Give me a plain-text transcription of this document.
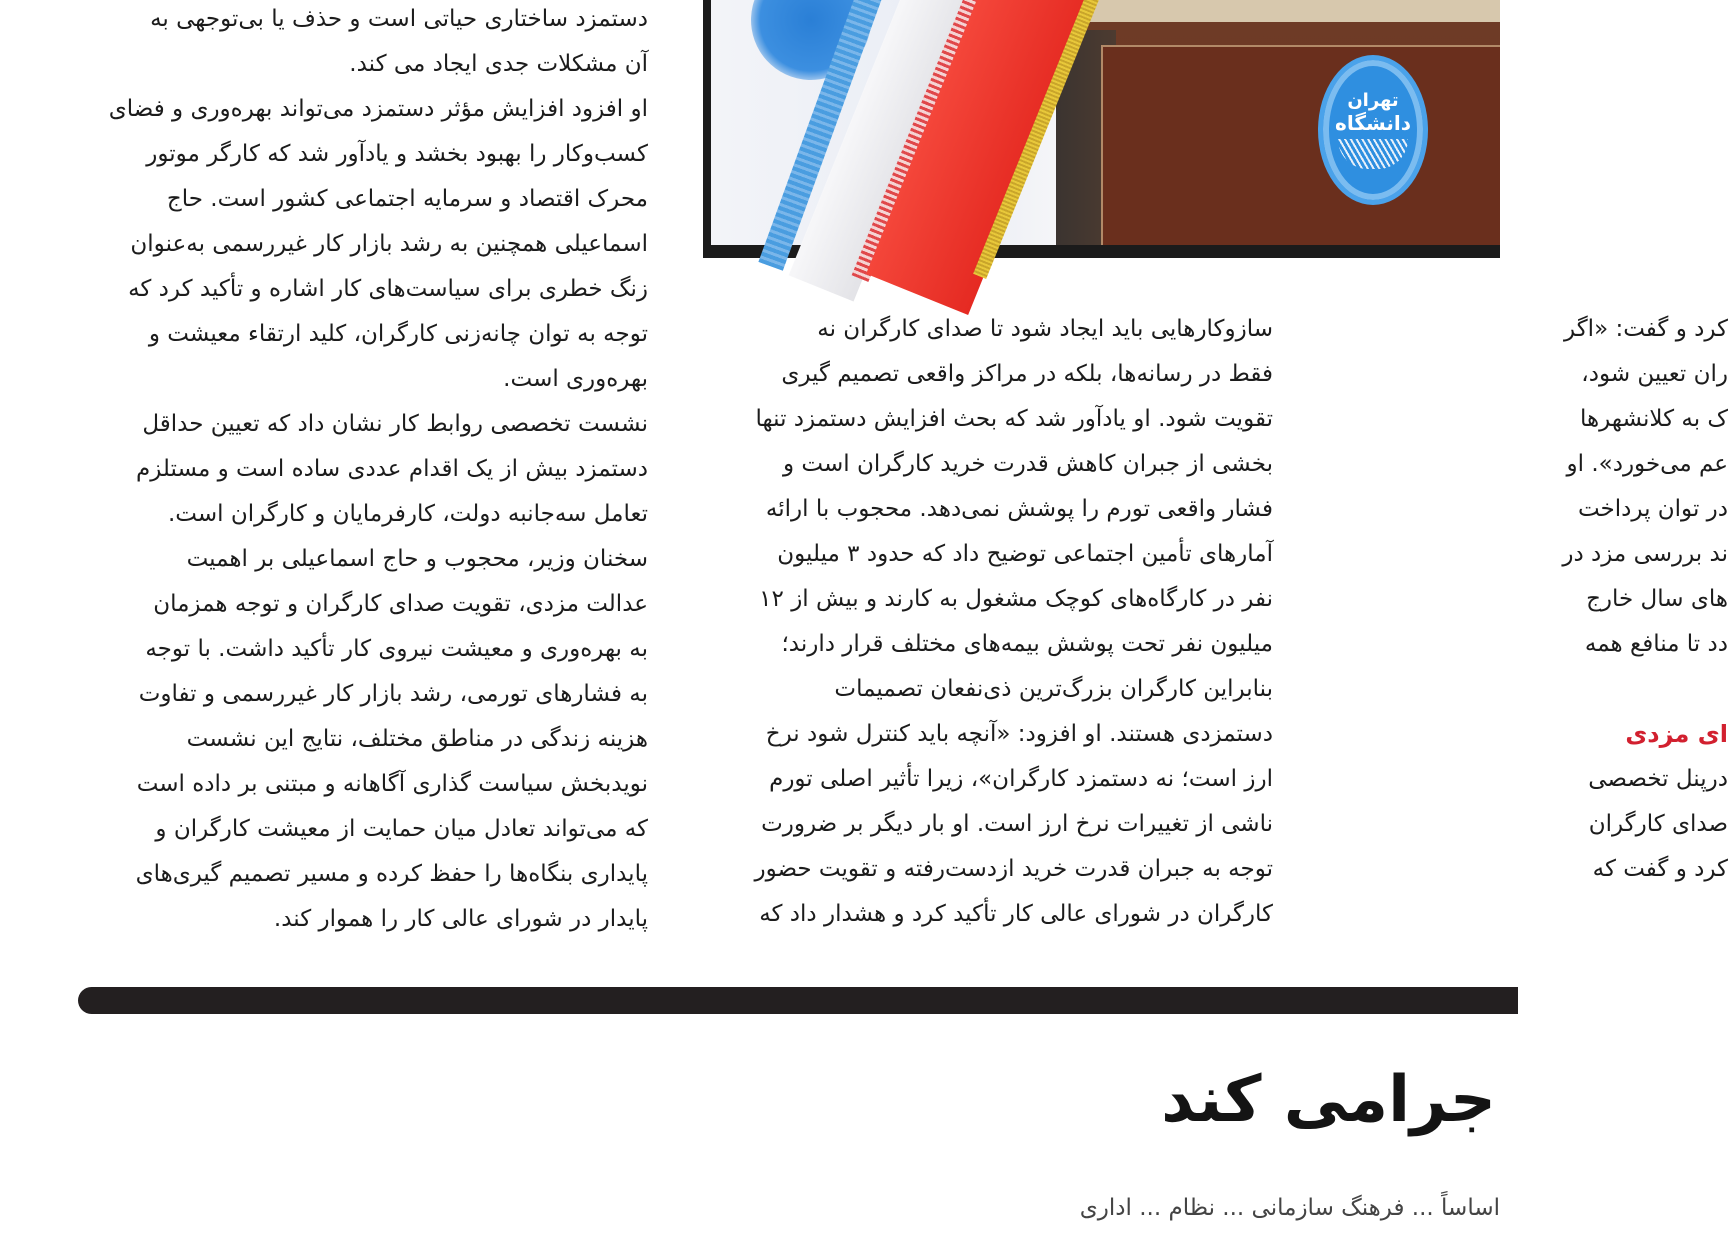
تهران
دانشگاه
دستمزد ساختاری حیاتی است و حذف یا بی‌توجهی به
آن مشکلات جدی ایجاد می کند.
او افزود افزایش مؤثر دستمزد می‌تواند بهره‌وری و فضای
کسب‌وکار را بهبود بخشد و یادآور شد که کارگر موتور
محرک اقتصاد و سرمایه اجتماعی کشور است. حاج
اسماعیلی همچنین به رشد بازار کار غیررسمی به‌عنوان
زنگ خطری برای سیاست‌های کار اشاره و تأکید کرد که
توجه به توان چانه‌زنی کارگران، کلید ارتقاء معیشت و
بهره‌وری است.
نشست تخصصی روابط کار نشان داد که تعیین حداقل
دستمزد بیش از یک اقدام عددی ساده است و مستلزم
تعامل سه‌جانبه دولت، کارفرمایان و کارگران است.
سخنان وزیر، محجوب و حاج اسماعیلی بر اهمیت
عدالت مزدی، تقویت صدای کارگران و توجه همزمان
به بهره‌وری و معیشت نیروی کار تأکید داشت. با توجه
به فشارهای تورمی، رشد بازار کار غیررسمی و تفاوت
هزینه زندگی در مناطق مختلف، نتایج این نشست
نویدبخش سیاست گذاری آگاهانه و مبتنی بر داده است
که می‌تواند تعادل میان حمایت از معیشت کارگران و
پایداری بنگاه‌ها را حفظ کرده و مسیر تصمیم گیری‌های
پایدار در شورای عالی کار را هموار کند.
سازوکارهایی باید ایجاد شود تا صدای کارگران نه
فقط در رسانه‌ها، بلکه در مراکز واقعی تصمیم گیری
تقویت شود. او یادآور شد که بحث افزایش دستمزد تنها
بخشی از جبران کاهش قدرت خرید کارگران است و
فشار واقعی تورم را پوشش نمی‌دهد. محجوب با ارائه
آمارهای تأمین اجتماعی توضیح داد که حدود ۳ میلیون
نفر در کارگاه‌های کوچک مشغول به کارند و بیش از ۱۲
میلیون نفر تحت پوشش بیمه‌های مختلف قرار دارند؛
بنابراین کارگران بزرگ‌ترین ذی‌نفعان تصمیمات
دستمزدی هستند. او افزود: «آنچه باید کنترل شود نرخ
ارز است؛ نه دستمزد کارگران»، زیرا تأثیر اصلی تورم
ناشی از تغییرات نرخ ارز است. او بار دیگر بر ضرورت
توجه به جبران قدرت خرید ازدست‌رفته و تقویت حضور
کارگران در شورای عالی کار تأکید کرد و هشدار داد که
کرد و گفت: «اگر
ران تعیین شود،
ک به کلانشهرها
عم می‌خورد». او
در توان پرداخت
ند بررسی مزد در
های سال خارج
دد تا منافع همه
ای مزدی
درپنل تخصصی
صدای کارگران
کرد و گفت که
جرامی کند
اساساً ... فرهنگ سازمانی ... نظام ... اداری
